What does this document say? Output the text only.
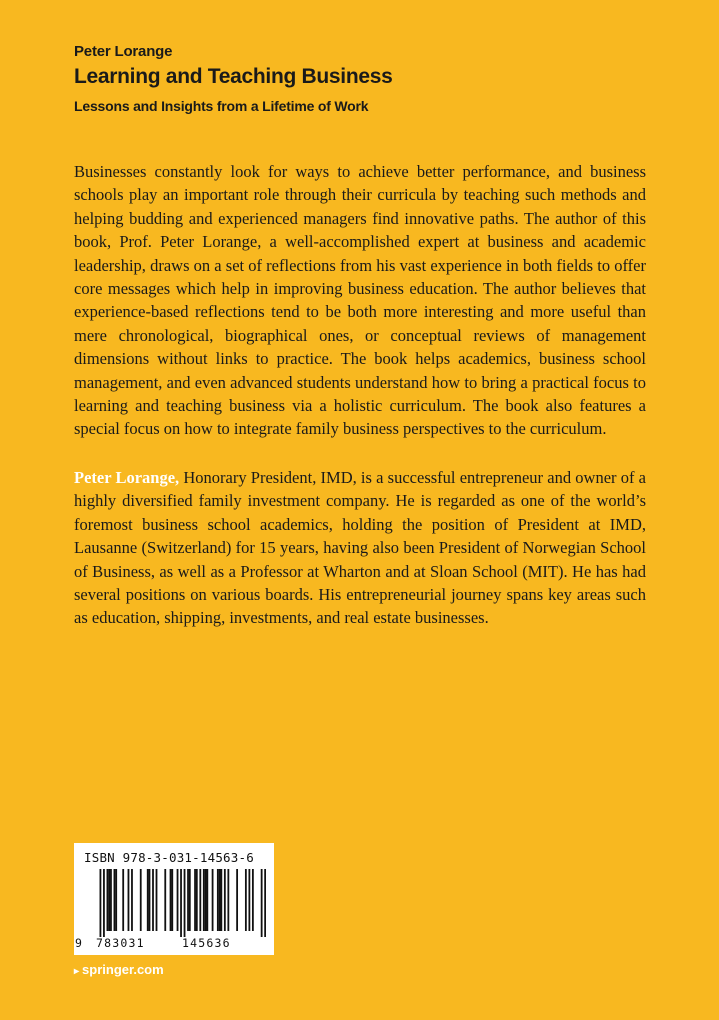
Peter Lorange

Learning and Teaching Business

Lessons and Insights from a Lifetime of Work

Businesses constantly look for ways to achieve better performance, and business schools play an important role through their curricula by teaching such methods and helping budding and experienced managers find innovative paths. The author of this book, Prof. Peter Lorange, a well-accomplished expert at business and academic leadership, draws on a set of reflections from his vast experience in both fields to offer core messages which help in improving business education. The author believes that experience-based reflections tend to be both more interesting and more useful than mere chronological, biographical ones, or conceptual reviews of management dimensions without links to practice. The book helps academics, business school management, and even advanced students understand how to bring a practical focus to learning and teaching business via a holistic curriculum. The book also features a special focus on how to integrate family business perspectives to the curriculum.

Peter Lorange, Honorary President, IMD, is a successful entrepreneur and owner of a highly diversified family investment company. He is regarded as one of the world’s foremost business school academics, holding the position of President at IMD, Lausanne (Switzerland) for 15 years, having also been President of Norwegian School of Business, as well as a Professor at Wharton and at Sloan School (MIT). He has had several positions on various boards. His entrepreneurial journey spans key areas such as education, shipping, investments, and real estate businesses.

ISBN 978-3-031-14563-6
9 783031	145636
▸ springer.com
